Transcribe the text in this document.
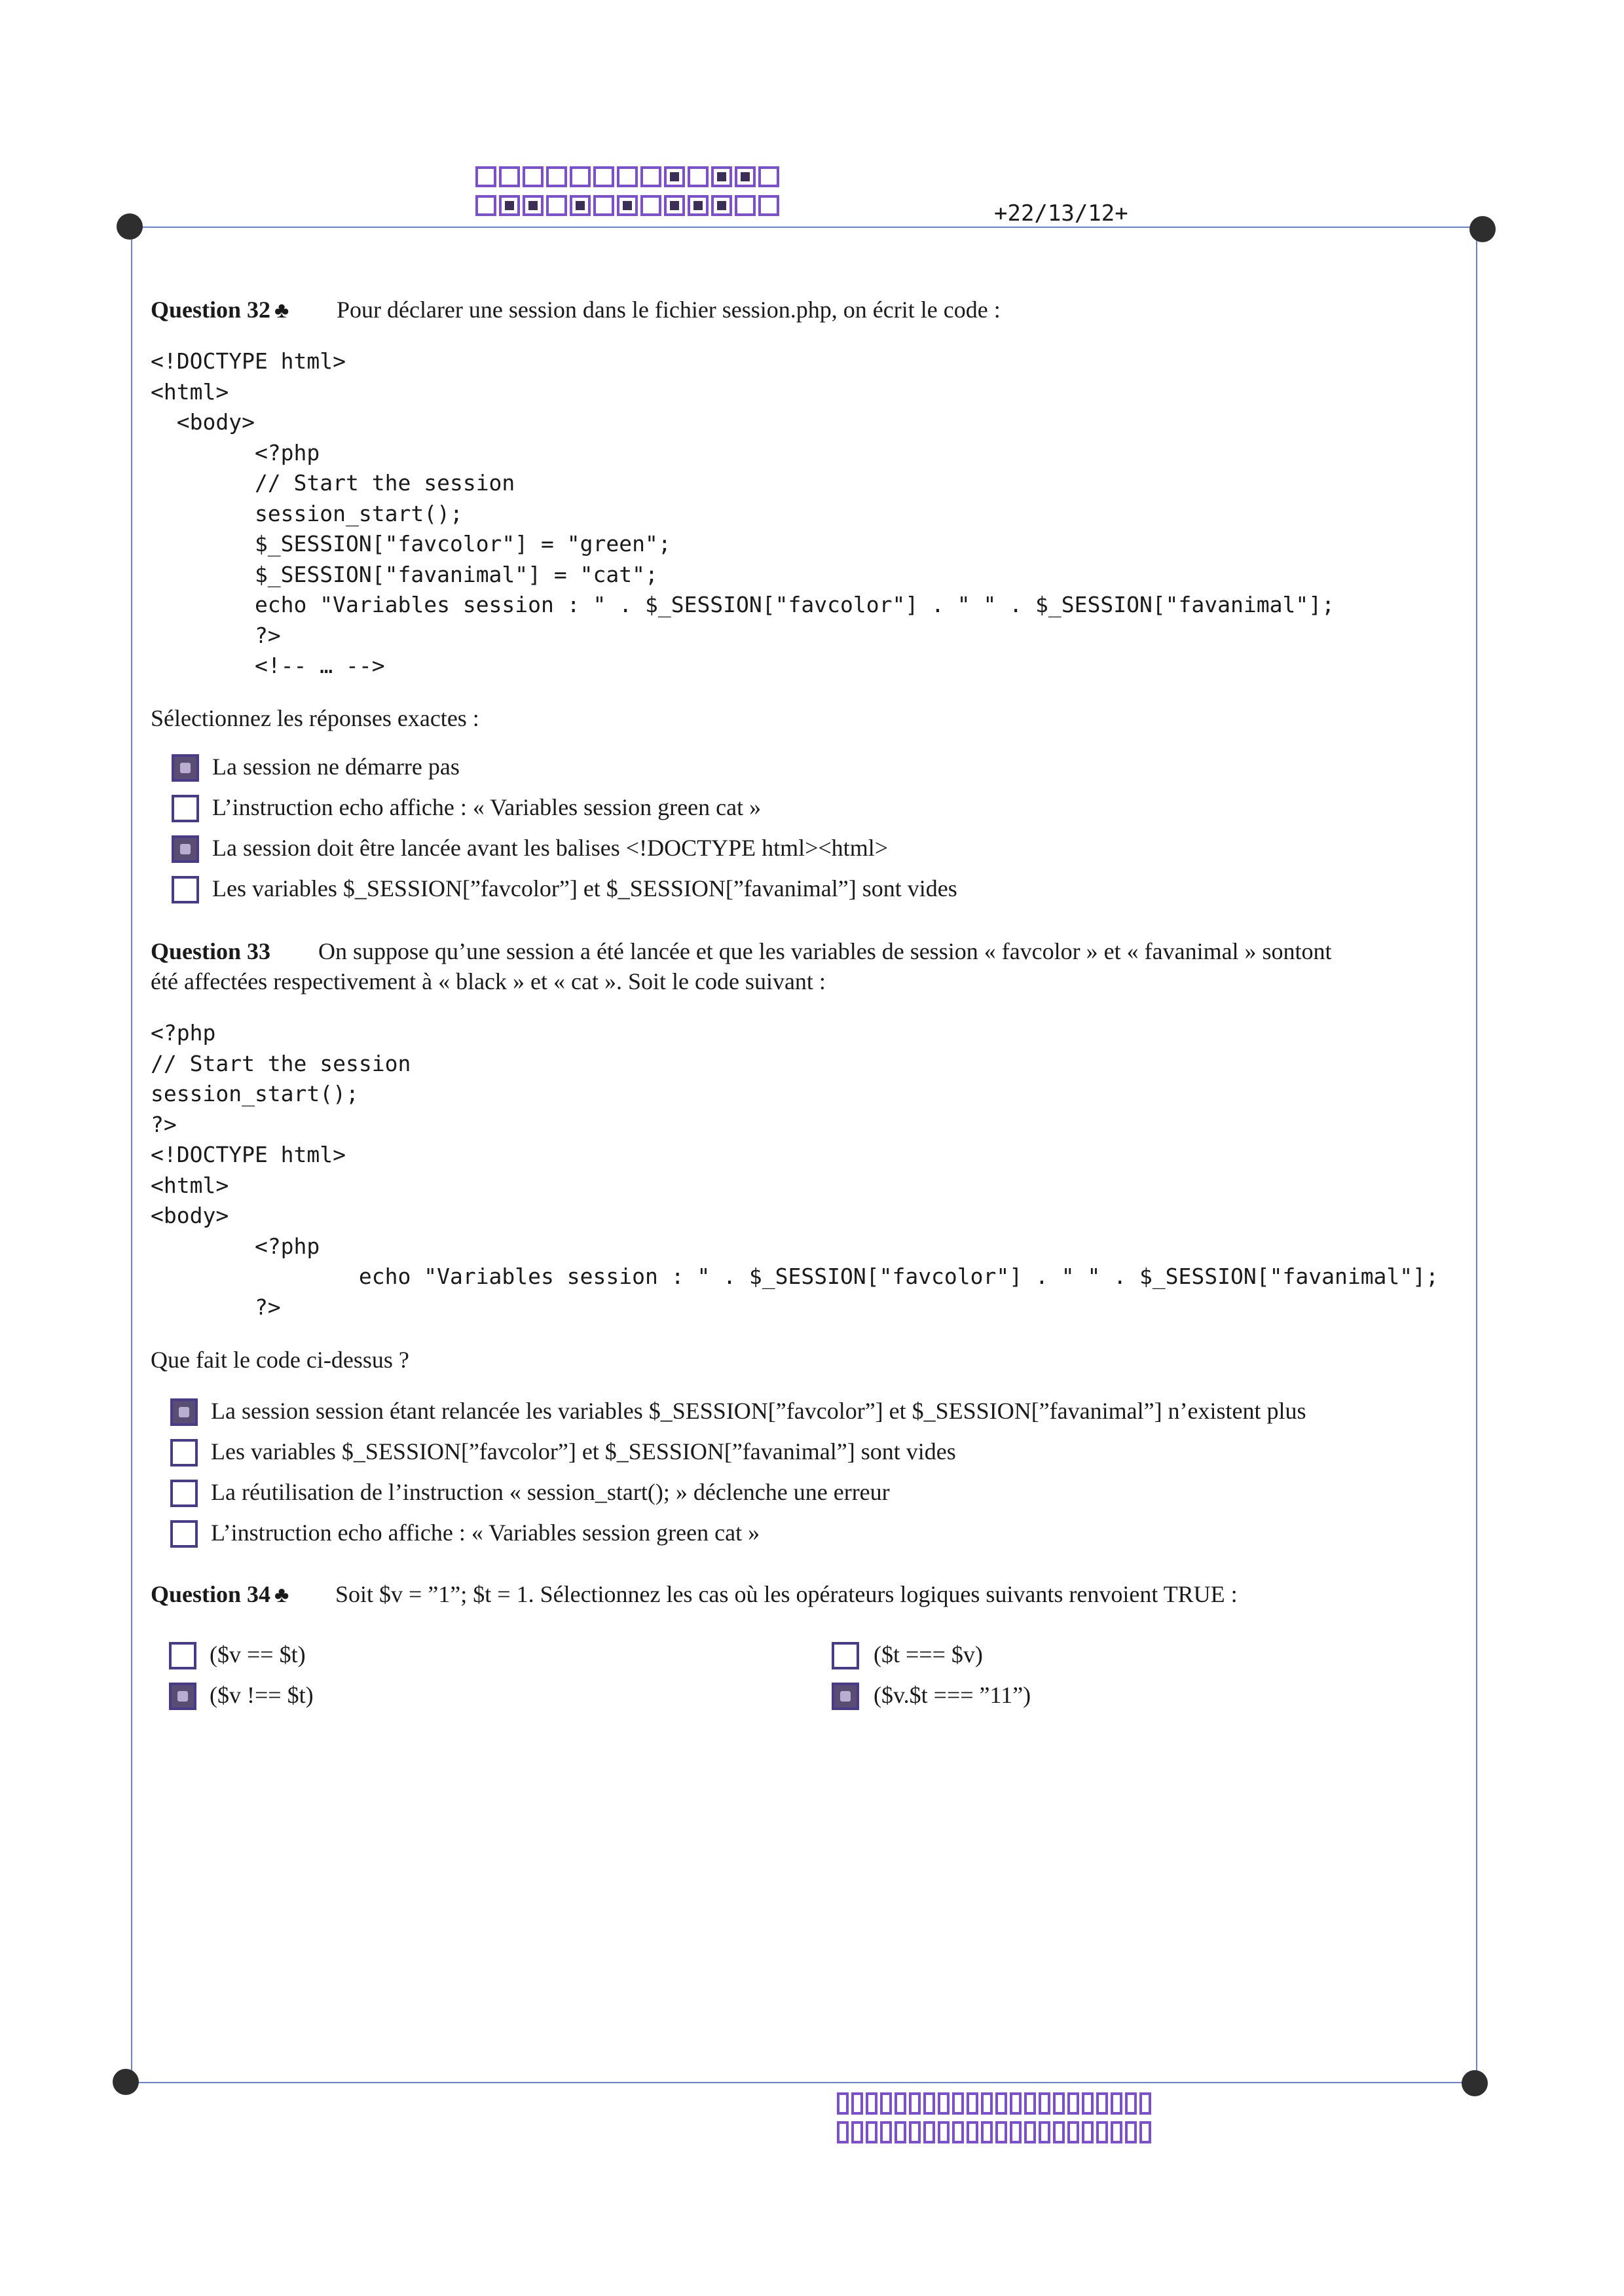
+22/13/12+
Question 32 ♣ Pour déclarer une session dans le fichier session.php, on écrit le code :
<!DOCTYPE html>
<html>
<body>
<?php
// Start the session
session_start();
$_SESSION["favcolor"] = "green";
$_SESSION["favanimal"] = "cat";
echo "Variables session : " . $_SESSION["favcolor"] . " " . $_SESSION["favanimal"];
?>
<!-- … -->
Sélectionnez les réponses exactes :
La session ne démarre pas
L’instruction echo affiche : « Variables session green cat »
La session doit être lancée avant les balises <!DOCTYPE html><html>
Les variables $_SESSION[”favcolor”] et $_SESSION[”favanimal”] sont vides
Question 33 On suppose qu’une session a été lancée et que les variables de session « favcolor » et « favanimal » sontont
été affectées respectivement à « black » et « cat ». Soit le code suivant :
<?php
// Start the session
session_start();
?>
<!DOCTYPE html>
<html>
<body>
<?php
echo "Variables session : " . $_SESSION["favcolor"] . " " . $_SESSION["favanimal"];
?>
Que fait le code ci-dessus ?
La session session étant relancée les variables $_SESSION[”favcolor”] et $_SESSION[”favanimal”] n’existent plus
Les variables $_SESSION[”favcolor”] et $_SESSION[”favanimal”] sont vides
La réutilisation de l’instruction « session_start(); » déclenche une erreur
L’instruction echo affiche : « Variables session green cat »
Question 34 ♣ Soit $v = ”1”; $t = 1. Sélectionnez les cas où les opérateurs logiques suivants renvoient TRUE :
($v == $t)	($t === $v)
($v !== $t)	($v.$t === ”11”)
